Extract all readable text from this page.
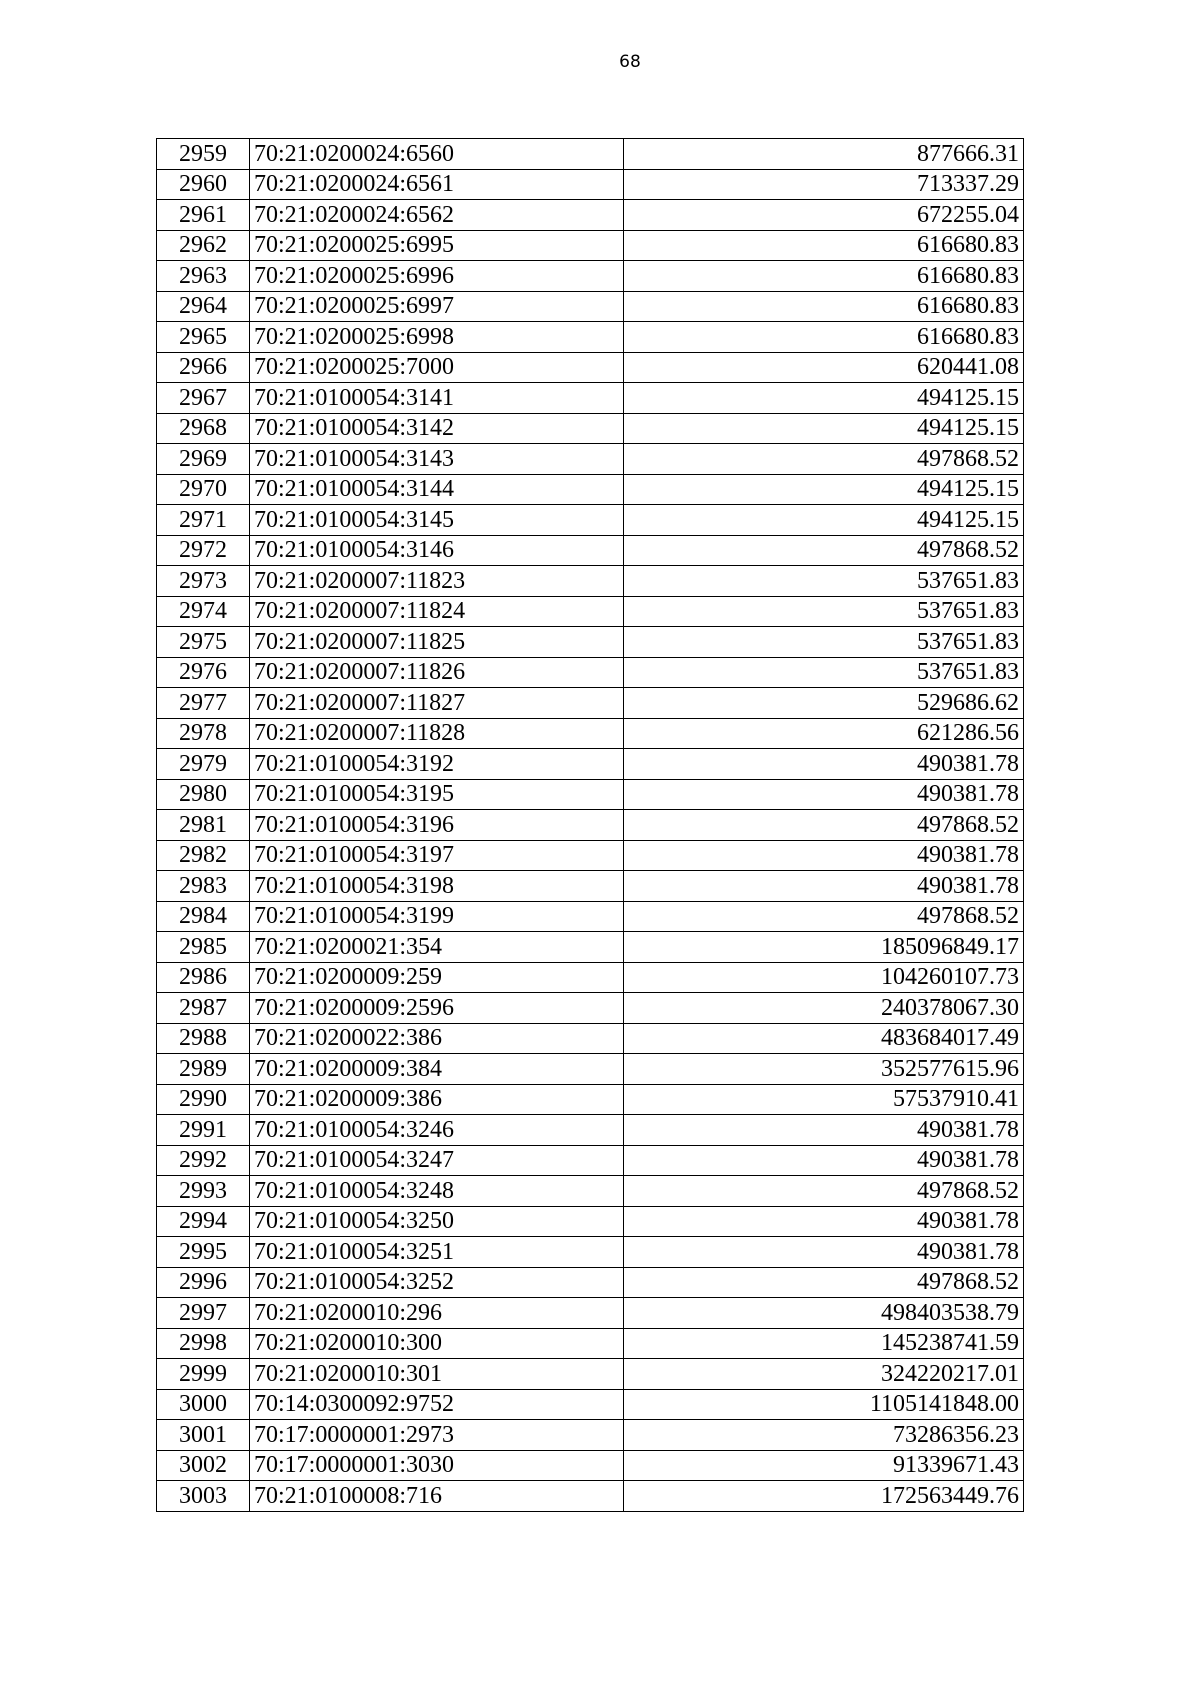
68
2959	70:21:0200024:6560	877666.31
2960	70:21:0200024:6561	713337.29
2961	70:21:0200024:6562	672255.04
2962	70:21:0200025:6995	616680.83
2963	70:21:0200025:6996	616680.83
2964	70:21:0200025:6997	616680.83
2965	70:21:0200025:6998	616680.83
2966	70:21:0200025:7000	620441.08
2967	70:21:0100054:3141	494125.15
2968	70:21:0100054:3142	494125.15
2969	70:21:0100054:3143	497868.52
2970	70:21:0100054:3144	494125.15
2971	70:21:0100054:3145	494125.15
2972	70:21:0100054:3146	497868.52
2973	70:21:0200007:11823	537651.83
2974	70:21:0200007:11824	537651.83
2975	70:21:0200007:11825	537651.83
2976	70:21:0200007:11826	537651.83
2977	70:21:0200007:11827	529686.62
2978	70:21:0200007:11828	621286.56
2979	70:21:0100054:3192	490381.78
2980	70:21:0100054:3195	490381.78
2981	70:21:0100054:3196	497868.52
2982	70:21:0100054:3197	490381.78
2983	70:21:0100054:3198	490381.78
2984	70:21:0100054:3199	497868.52
2985	70:21:0200021:354	185096849.17
2986	70:21:0200009:259	104260107.73
2987	70:21:0200009:2596	240378067.30
2988	70:21:0200022:386	483684017.49
2989	70:21:0200009:384	352577615.96
2990	70:21:0200009:386	57537910.41
2991	70:21:0100054:3246	490381.78
2992	70:21:0100054:3247	490381.78
2993	70:21:0100054:3248	497868.52
2994	70:21:0100054:3250	490381.78
2995	70:21:0100054:3251	490381.78
2996	70:21:0100054:3252	497868.52
2997	70:21:0200010:296	498403538.79
2998	70:21:0200010:300	145238741.59
2999	70:21:0200010:301	324220217.01
3000	70:14:0300092:9752	1105141848.00
3001	70:17:0000001:2973	73286356.23
3002	70:17:0000001:3030	91339671.43
3003	70:21:0100008:716	172563449.76
